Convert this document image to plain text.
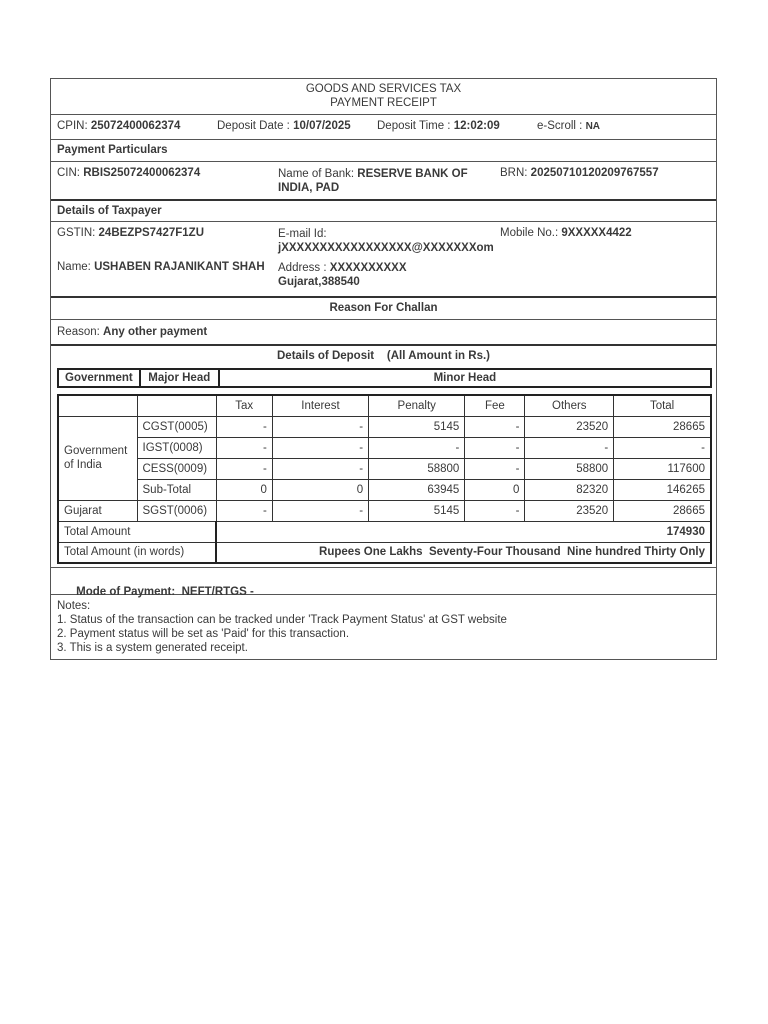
GOODS AND SERVICES TAX
PAYMENT RECEIPT
CPIN: 25072400062374	Deposit Date : 10/07/2025 Deposit Time : 12:02:09	e-Scroll : NA
Payment Particulars
CIN: RBIS25072400062374	Name of Bank: RESERVE BANK OF
INDIA, PAD
BRN: 20250710120209767557
Details of Taxpayer
GSTIN: 24BEZPS7427F1ZU	E-mail Id:
jXXXXXXXXXXXXXXXXX@XXXXXXXom
Mobile No.: 9XXXXX4422
Name: USHABEN RAJANIKANT SHAH Address : XXXXXXXXXX
Gujarat,388540
Reason For Challan
Reason: Any other payment
Details of Deposit (All Amount in Rs.)
Government	Major Head	Minor Head
		Tax	Interest	Penalty	Fee	Others	Total
Government of India	CGST(0005)	-	-	5145	-	23520	28665
	IGST(0008)	-	-	-	-	-	-
	CESS(0009)	-	-	58800	-	58800	117600
	Sub-Total	0	0	63945	0	82320	146265
Gujarat	SGST(0006)	-	-	5145	-	23520	28665
Total Amount		174930					
Total Amount (in words)		Rupees One Lakhs  Seventy-Four Thousand  Nine hundred Thirty Only					

Mode of Payment:  NEFT/RTGS -

Notes:
1. Status of the transaction can be tracked under 'Track Payment Status' at GST website
2. Payment status will be set as 'Paid' for this transaction.
3. This is a system generated receipt.
